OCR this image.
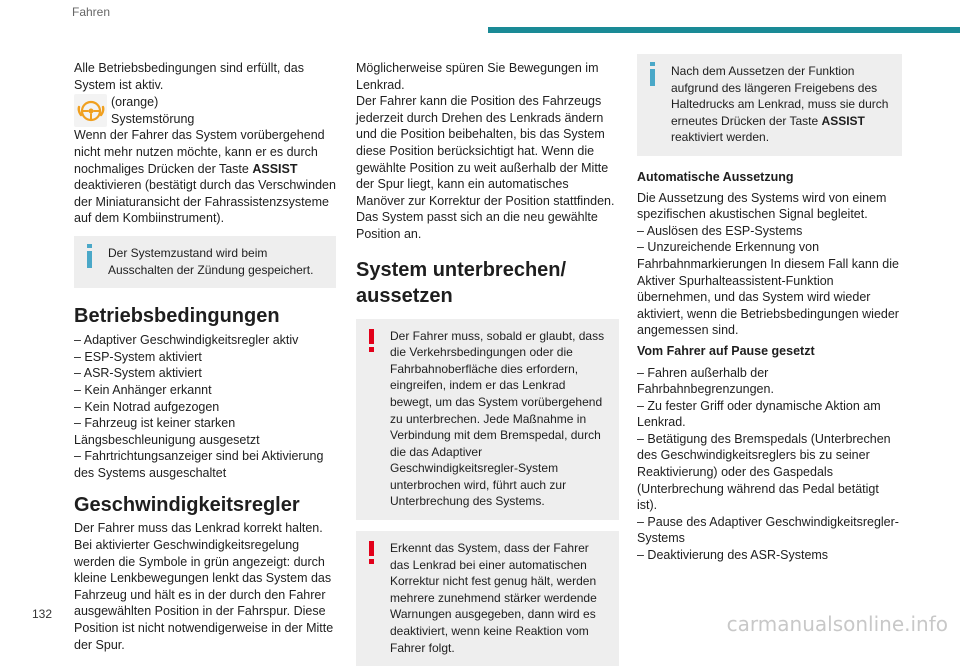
Fahren

Alle Betriebsbedingungen sind erfüllt, das System ist aktiv.

(orange)
Systemstörung

Wenn der Fahrer das System vorübergehend nicht mehr nutzen möchte, kann er es durch nochmaliges Drücken der Taste ASSIST deaktivieren (bestätigt durch das Verschwinden der Miniaturansicht der Fahrassistenzsysteme auf dem Kombiinstrument).

Der Systemzustand wird beim Ausschalten der Zündung gespeichert.
Betriebsbedingungen
– Adaptiver Geschwindigkeitsregler aktiv
– ESP-System aktiviert
– ASR-System aktiviert
– Kein Anhänger erkannt
– Kein Notrad aufgezogen
– Fahrzeug ist keiner starken Längsbeschleunigung ausgesetzt
– Fahrtrichtungsanzeiger sind bei Aktivierung des Systems ausgeschaltet
Geschwindigkeitsregler

Der Fahrer muss das Lenkrad korrekt halten.

Bei aktivierter Geschwindigkeitsregelung werden die Symbole in grün angezeigt: durch kleine Lenkbewegungen lenkt das System das Fahrzeug und hält es in der durch den Fahrer ausgewählten Position in der Fahrspur. Diese Position ist nicht notwendigerweise in der Mitte der Spur.

Möglicherweise spüren Sie Bewegungen im Lenkrad.

Der Fahrer kann die Position des Fahrzeugs jederzeit durch Drehen des Lenkrads ändern und die Position beibehalten, bis das System diese Position berücksichtigt hat. Wenn die gewählte Position zu weit außerhalb der Mitte der Spur liegt, kann ein automatisches Manöver zur Korrektur der Position stattfinden. Das System passt sich an die neu gewählte Position an.

System unterbrechen/ aussetzen
Der Fahrer muss, sobald er glaubt, dass die Verkehrsbedingungen oder die Fahrbahnoberfläche dies erfordern, eingreifen, indem er das Lenkrad bewegt, um das System vorübergehend zu unterbrechen. Jede Maßnahme in Verbindung mit dem Bremspedal, durch die das Adaptiver Geschwindigkeitsregler-System unterbrochen wird, führt auch zur Unterbrechung des Systems.
Erkennt das System, dass der Fahrer das Lenkrad bei einer automatischen Korrektur nicht fest genug hält, werden mehrere zunehmend stärker werdende Warnungen ausgegeben, dann wird es deaktiviert, wenn keine Reaktion vom Fahrer folgt.
Nach dem Aussetzen der Funktion aufgrund des längeren Freigebens des Haltedrucks am Lenkrad, muss sie durch erneutes Drücken der Taste ASSIST reaktiviert werden.
Automatische Aussetzung

Die Aussetzung des Systems wird von einem spezifischen akustischen Signal begleitet.

– Auslösen des ESP-Systems
– Unzureichende Erkennung von Fahrbahnmarkierungen In diesem Fall kann die Aktiver Spurhalteassistent-Funktion übernehmen, und das System wird wieder aktiviert, wenn die Betriebsbedingungen wieder angemessen sind.
Vom Fahrer auf Pause gesetzt
– Fahren außerhalb der Fahrbahnbegrenzungen.
– Zu fester Griff oder dynamische Aktion am Lenkrad.
– Betätigung des Bremspedals (Unterbrechen des Geschwindigkeitsreglers bis zu seiner Reaktivierung) oder des Gaspedals (Unterbrechung während das Pedal betätigt ist).
– Pause des Adaptiver Geschwindigkeitsregler-Systems
– Deaktivierung des ASR-Systems
132	carmanualsonline.info
